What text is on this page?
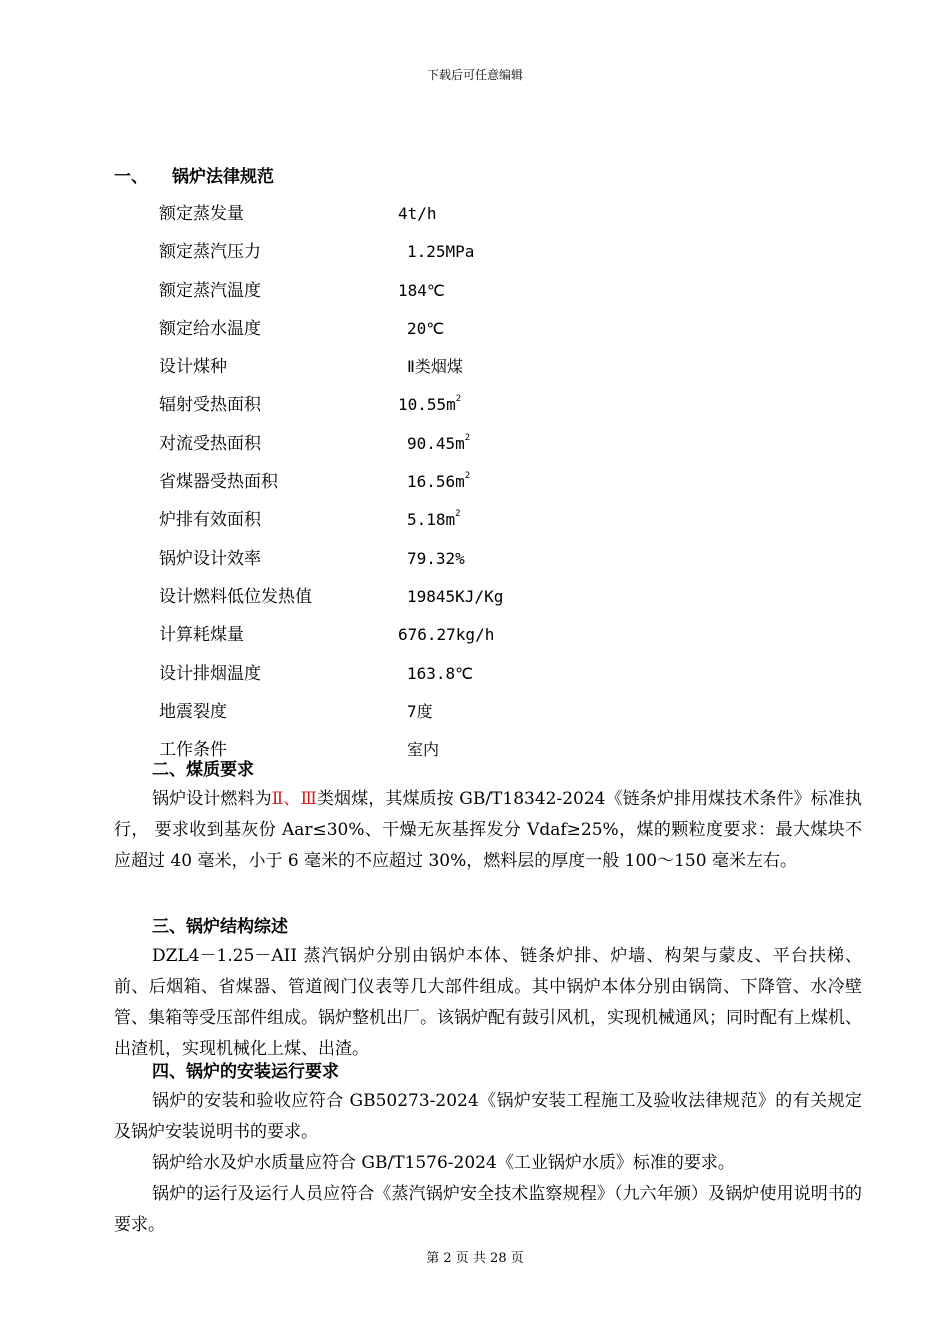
下载后可任意编辑
一、 锅炉法律规范
额定蒸发量	4t/h
额定蒸汽压力	1.25MPa
额定蒸汽温度	184℃
额定给水温度	20℃
设计煤种	Ⅱ类烟煤
辐射受热面积	$10.55m^2$
对流受热面积	$90.45m^2$
省煤器受热面积	$16.56m^2$
炉排有效面积	$5.18m^2$
锅炉设计效率	79.32%
设计燃料低位发热值	19845KJ/Kg
计算耗煤量	676.27kg/h
设计排烟温度	163.8℃
地震裂度	7度
工作条件	室内
二、煤质要求

锅炉设计燃料为Ⅱ、Ⅲ类烟煤，其煤质按 GB/T18342-2024《链条炉排用煤技术条件》标准执行， 要求收到基灰份 Aar≤30%、干燥无灰基挥发分 Vdaf≥25%，煤的颗粒度要求：最大煤块不应超过 40 毫米，小于 6 毫米的不应超过 30%，燃料层的厚度一般 100～150 毫米左右。

三、锅炉结构综述

DZL4－1.25－AII 蒸汽锅炉分别由锅炉本体、链条炉排、炉墙、构架与蒙皮、平台扶梯、前、后烟箱、省煤器、管道阀门仪表等几大部件组成。其中锅炉本体分别由锅筒、下降管、水冷壁管、集箱等受压部件组成。锅炉整机出厂。该锅炉配有鼓引风机，实现机械通风；同时配有上煤机、出渣机，实现机械化上煤、出渣。

四、锅炉的安装运行要求

锅炉的安装和验收应符合 GB50273-2024《锅炉安装工程施工及验收法律规范》的有关规定及锅炉安装说明书的要求。

锅炉给水及炉水质量应符合 GB/T1576-2024《工业锅炉水质》标准的要求。

锅炉的运行及运行人员应符合《蒸汽锅炉安全技术监察规程》（九六年颁）及锅炉使用说明书的要求。

第 2 页 共 28 页
